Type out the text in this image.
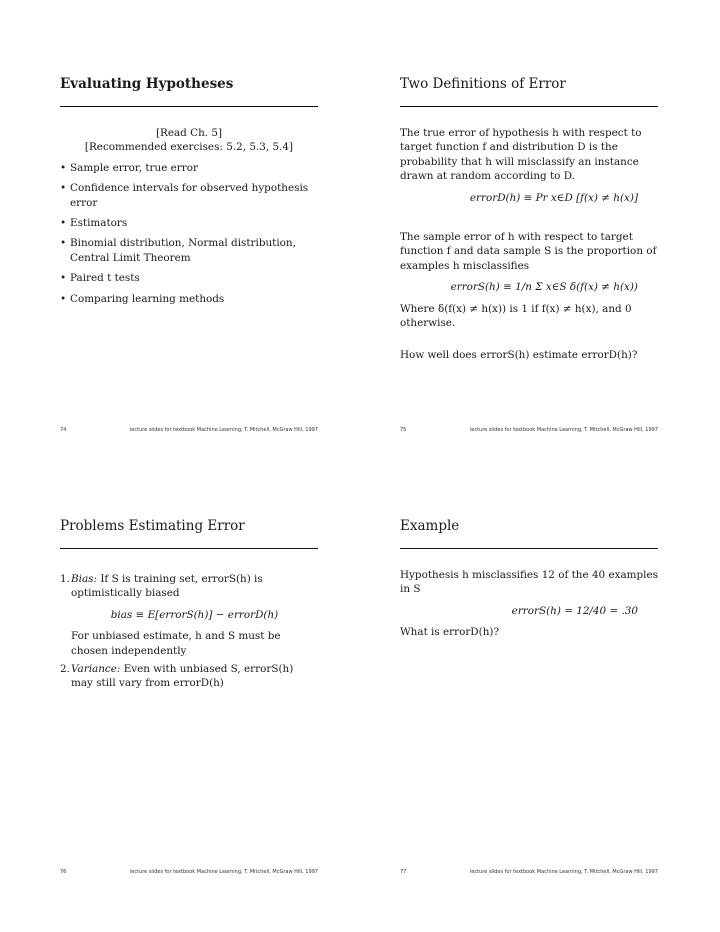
Evaluating Hypotheses
[Read Ch. 5]
[Recommended exercises: 5.2, 5.3, 5.4]
• Sample error, true error
• Confidence intervals for observed hypothesis error
• Estimators
• Binomial distribution, Normal distribution, Central Limit Theorem
• Paired t tests
• Comparing learning methods
74	lecture slides for textbook Machine Learning, T. Mitchell, McGraw Hill, 1997
Two Definitions of Error
The true error of hypothesis h with respect to target function f and distribution D is the probability that h will misclassify an instance drawn at random according to D.
errorD(h) ≡ Pr x∈D [f(x) ≠ h(x)]
The sample error of h with respect to target function f and data sample S is the proportion of examples h misclassifies
errorS(h) ≡ 1/n Σ x∈S δ(f(x) ≠ h(x))
Where δ(f(x) ≠ h(x)) is 1 if f(x) ≠ h(x), and 0 otherwise.
How well does errorS(h) estimate errorD(h)?
75	lecture slides for textbook Machine Learning, T. Mitchell, McGraw Hill, 1997
Problems Estimating Error
1. Bias: If S is training set, errorS(h) is optimistically biased
bias ≡ E[errorS(h)] − errorD(h)
For unbiased estimate, h and S must be chosen independently
2. Variance: Even with unbiased S, errorS(h) may still vary from errorD(h)
76	lecture slides for textbook Machine Learning, T. Mitchell, McGraw Hill, 1997
Example
Hypothesis h misclassifies 12 of the 40 examples in S
errorS(h) = 12/40 = .30
What is errorD(h)?
77	lecture slides for textbook Machine Learning, T. Mitchell, McGraw Hill, 1997
